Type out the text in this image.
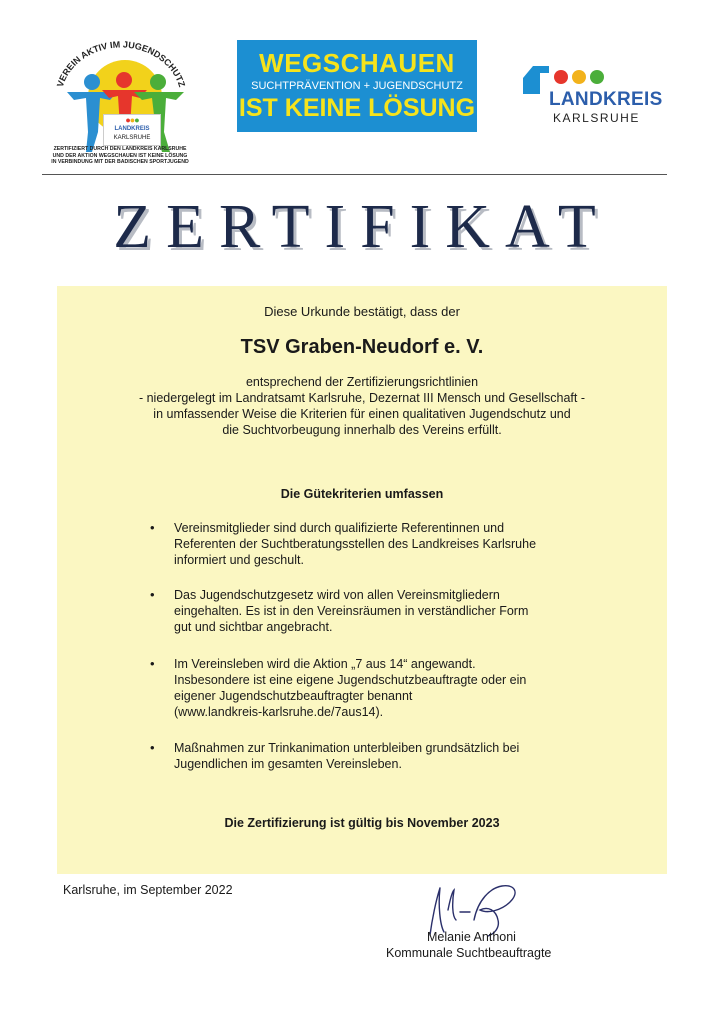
VEREIN AKTIV IM JUGENDSCHUTZ
●●●
LANDKREIS
KARLSRUHE
ZERTIFIZIERT DURCH DEN LANDKREIS KARLSRUHE
UND DER AKTION WEGSCHAUEN IST KEINE LÖSUNG
IN VERBINDUNG MIT DER BADISCHEN SPORTJUGEND
WEGSCHAUEN
SUCHTPRÄVENTION + JUGENDSCHUTZ
IST KEINE LÖSUNG	LANDKREIS
KARLSRUHE
ZERTIFIKAT
Diese Urkunde bestätigt, dass der
TSV Graben-Neudorf e. V.
entsprechend der Zertifizierungsrichtlinien
- niedergelegt im Landratsamt Karlsruhe, Dezernat III Mensch und Gesellschaft -
in umfassender Weise die Kriterien für einen qualitativen Jugendschutz und
die Suchtvorbeugung innerhalb des Vereins erfüllt.
Die Gütekriterien umfassen
• Vereinsmitglieder sind durch qualifizierte Referentinnen und
Referenten der Suchtberatungsstellen des Landkreises Karlsruhe
informiert und geschult.
• Das Jugendschutzgesetz wird von allen Vereinsmitgliedern
eingehalten. Es ist in den Vereinsräumen in verständlicher Form
gut und sichtbar angebracht.
• Im Vereinsleben wird die Aktion „7 aus 14“ angewandt.
Insbesondere ist eine eigene Jugendschutzbeauftragte oder ein
eigener Jugendschutzbeauftragter benannt
(www.landkreis-karlsruhe.de/7aus14).
• Maßnahmen zur Trinkanimation unterbleiben grundsätzlich bei
Jugendlichen im gesamten Vereinsleben.
Die Zertifizierung ist gültig bis November 2023
Karlsruhe, im September 2022
Melanie Anthoni
Kommunale Suchtbeauftragte
